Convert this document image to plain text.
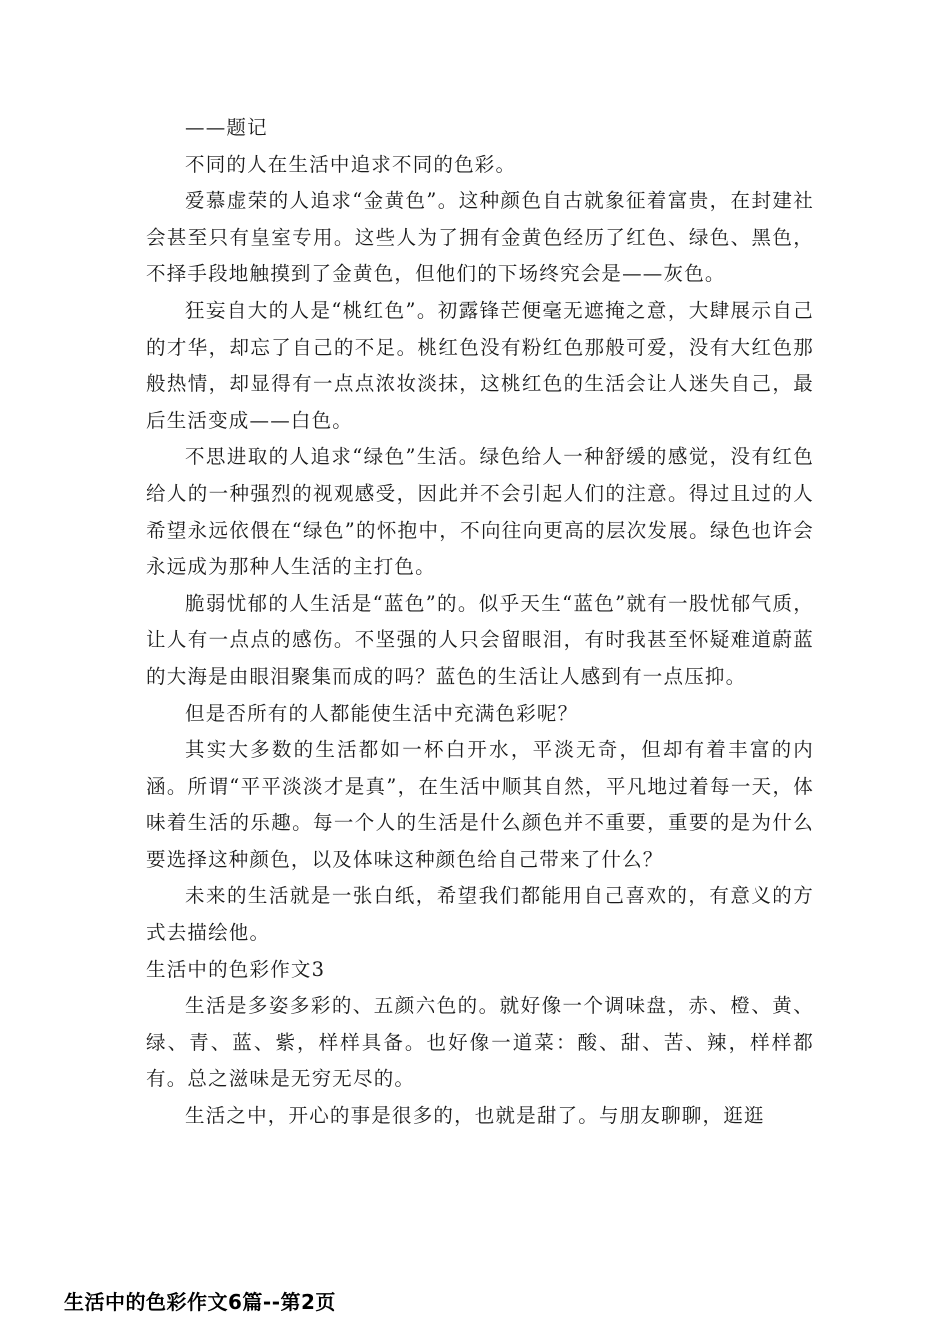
——题记

不同的人在生活中追求不同的色彩。

爱慕虚荣的人追求“金黄色”。这种颜色自古就象征着富贵，在封建社会甚至只有皇室专用。这些人为了拥有金黄色经历了红色、绿色、黑色，不择手段地触摸到了金黄色，但他们的下场终究会是——灰色。

狂妄自大的人是“桃红色”。初露锋芒便毫无遮掩之意，大肆展示自己的才华，却忘了自己的不足。桃红色没有粉红色那般可爱，没有大红色那般热情，却显得有一点点浓妆淡抹，这桃红色的生活会让人迷失自己，最后生活变成——白色。

不思进取的人追求“绿色”生活。绿色给人一种舒缓的感觉，没有红色给人的一种强烈的视观感受，因此并不会引起人们的注意。得过且过的人希望永远依偎在“绿色”的怀抱中，不向往向更高的层次发展。绿色也许会永远成为那种人生活的主打色。

脆弱忧郁的人生活是“蓝色”的。似乎天生“蓝色”就有一股忧郁气质，让人有一点点的感伤。不坚强的人只会留眼泪，有时我甚至怀疑难道蔚蓝的大海是由眼泪聚集而成的吗？蓝色的生活让人感到有一点压抑。

但是否所有的人都能使生活中充满色彩呢？

其实大多数的生活都如一杯白开水，平淡无奇，但却有着丰富的内涵。所谓“平平淡淡才是真”，在生活中顺其自然，平凡地过着每一天，体味着生活的乐趣。每一个人的生活是什么颜色并不重要，重要的是为什么要选择这种颜色，以及体味这种颜色给自己带来了什么？

未来的生活就是一张白纸，希望我们都能用自己喜欢的，有意义的方式去描绘他。

生活中的色彩作文3

生活是多姿多彩的、五颜六色的。就好像一个调味盘，赤、橙、黄、绿、青、蓝、紫，样样具备。也好像一道菜：酸、甜、苦、辣，样样都有。总之滋味是无穷无尽的。

生活之中，开心的事是很多的，也就是甜了。与朋友聊聊，逛逛

生活中的色彩作文6篇--第2页
